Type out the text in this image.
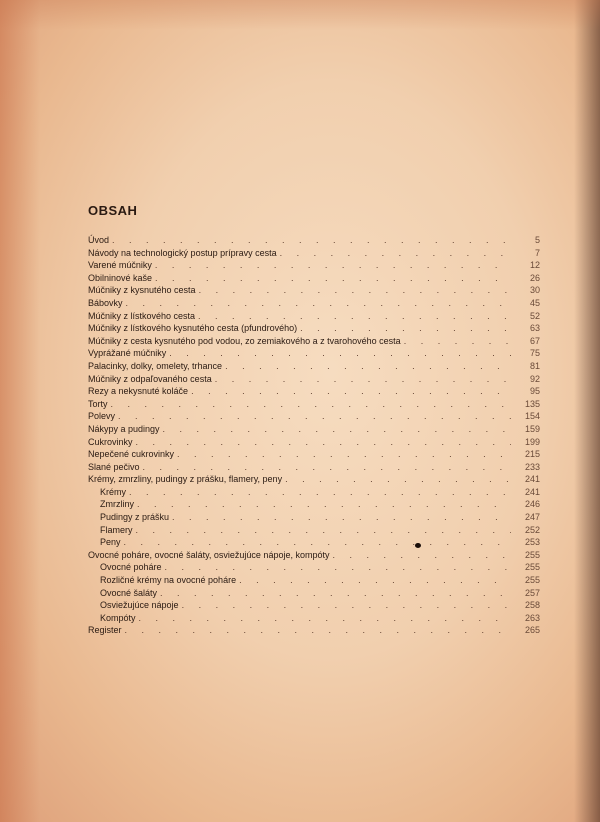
OBSAH
Úvod . . .	5
Návody na technologický postup prípravy cesta . . .	7
Varené múčniky . . .	12
Obilninové kaše . . .	26
Múčniky z kysnutého cesta . . .	30
Bábovky . . .	45
Múčniky z lístkového cesta . . .	52
Múčniky z lístkového kysnutého cesta (pfundrového) . . .	63
Múčniky z cesta kysnutého pod vodou, zo zemiakového a z tvarohového cesta . . .	67
Vyprážané múčniky . . .	75
Palacinky, dolky, omelety, trhance . . .	81
Múčniky z odpaľovaného cesta . . .	92
Rezy a nekysnuté koláče . . .	95
Torty . . .	135
Polevy . . .	154
Nákypy a pudingy . . .	159
Cukrovinky . . .	199
Nepečené cukrovinky . . .	215
Slané pečivo . . .	233
Krémy, zmrzliny, pudingy z prášku, flamery, peny . . .	241
Krémy . . .	241
Zmrzliny . . .	246
Pudingy z prášku . . .	247
Flamery . . .	252
Peny . . .	253
Ovocné poháre, ovocné šaláty, osviežujúce nápoje, kompóty . . .	255
Ovocné poháre . . .	255
Rozličné krémy na ovocné poháre . . .	255
Ovocné šaláty . . .	257
Osviežujúce nápoje . . .	258
Kompóty . . .	263
Register . . .	265
